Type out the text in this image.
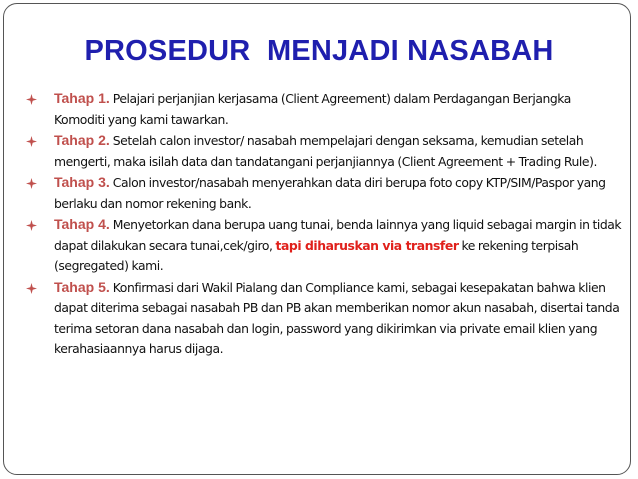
PROSEDUR  MENJADI NASABAH
Tahap 1. Pelajari perjanjian kerjasama (Client Agreement) dalam Perdagangan Berjangka Komoditi yang kami tawarkan.
Tahap 2. Setelah calon investor/ nasabah mempelajari dengan seksama, kemudian setelah mengerti, maka isilah data dan tandatangani perjanjiannya (Client Agreement + Trading Rule).
Tahap 3. Calon investor/nasabah menyerahkan data diri berupa foto copy KTP/SIM/Paspor yang berlaku dan nomor rekening bank.
Tahap 4. Menyetorkan dana berupa uang tunai, benda lainnya yang liquid sebagai margin in tidak dapat dilakukan secara tunai,cek/giro, tapi diharuskan via transfer ke rekening terpisah (segregated) kami.
Tahap 5. Konfirmasi dari Wakil Pialang dan Compliance kami, sebagai kesepakatan bahwa klien dapat diterima sebagai nasabah PB dan PB akan memberikan nomor akun nasabah, disertai tanda terima setoran dana nasabah dan login, password yang dikirimkan via private email klien yang kerahasiaannya harus dijaga.
